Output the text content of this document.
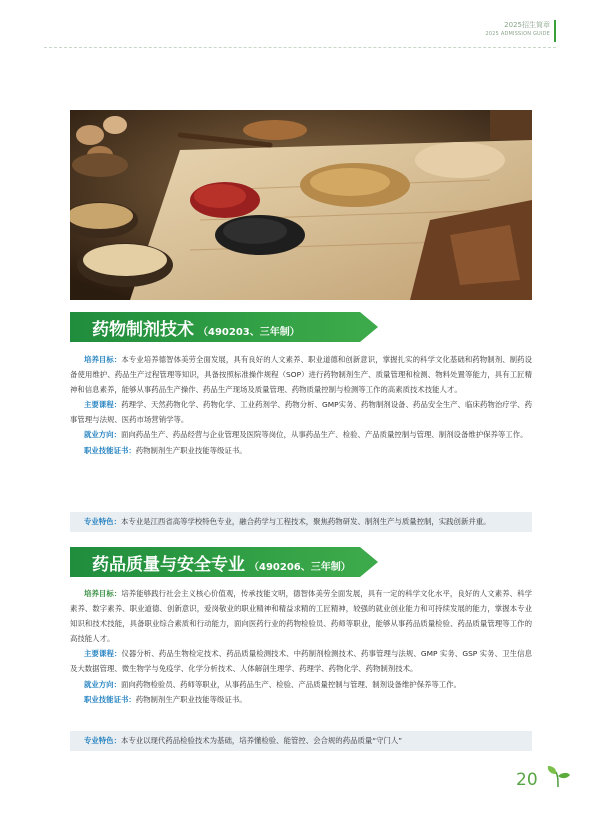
2025招生简章
2025 ADMISSION GUIDE
药物制剂技术 （490203、三年制）

培养目标：本专业培养德智体美劳全面发展，具有良好的人文素养、职业道德和创新意识，掌握扎实的科学文化基础和药物制剂、制药设备使用维护、药品生产过程管理等知识，具备按照标准操作规程（SOP）进行药物制剂生产、质量管理和检测、物料处置等能力，具有工匠精神和信息素养，能够从事药品生产操作、药品生产现场及质量管理、药物质量控制与检测等工作的高素质技术技能人才。

主要课程：药理学、天然药物化学、药物化学、工业药剂学、药物分析、GMP实务、药物制剂设备、药品安全生产、临床药物治疗学、药事管理与法规、医药市场营销学等。

就业方向：面向药品生产、药品经营与企业管理及医院等岗位，从事药品生产、检验、产品质量控制与管理、制剂设备维护保养等工作。

职业技能证书：药物制剂生产职业技能等级证书。

专业特色：本专业是江西省高等学校特色专业，融合药学与工程技术，聚焦药物研发、制剂生产与质量控制，实践创新并重。
药品质量与安全专业 （490206、三年制）

培养目标：培养能够践行社会主义核心价值观，传承技能文明，德智体美劳全面发展，具有一定的科学文化水平，良好的人文素养、科学素养、数字素养、职业道德、创新意识，爱岗敬业的职业精神和精益求精的工匠精神，较强的就业创业能力和可持续发展的能力，掌握本专业知识和技术技能，具备职业综合素质和行动能力，面向医药行业的药物检验员、药师等职业，能够从事药品质量检验、药品质量管理等工作的高技能人才。

主要课程：仪器分析、药品生物检定技术、药品质量检测技术、中药制剂检测技术、药事管理与法规、GMP 实务、GSP 实务、卫生信息及大数据管理、微生物学与免疫学、化学分析技术、人体解剖生理学、药理学、药物化学、药物制剂技术。

就业方向：面向药物检验员、药师等职业，从事药品生产、检验、产品质量控制与管理、制剂设备维护保养等工作。

职业技能证书：药物制剂生产职业技能等级证书。

专业特色：本专业以现代药品检验技术为基础，培养懂检验、能管控、会合规的药品质量“守门人”
20
